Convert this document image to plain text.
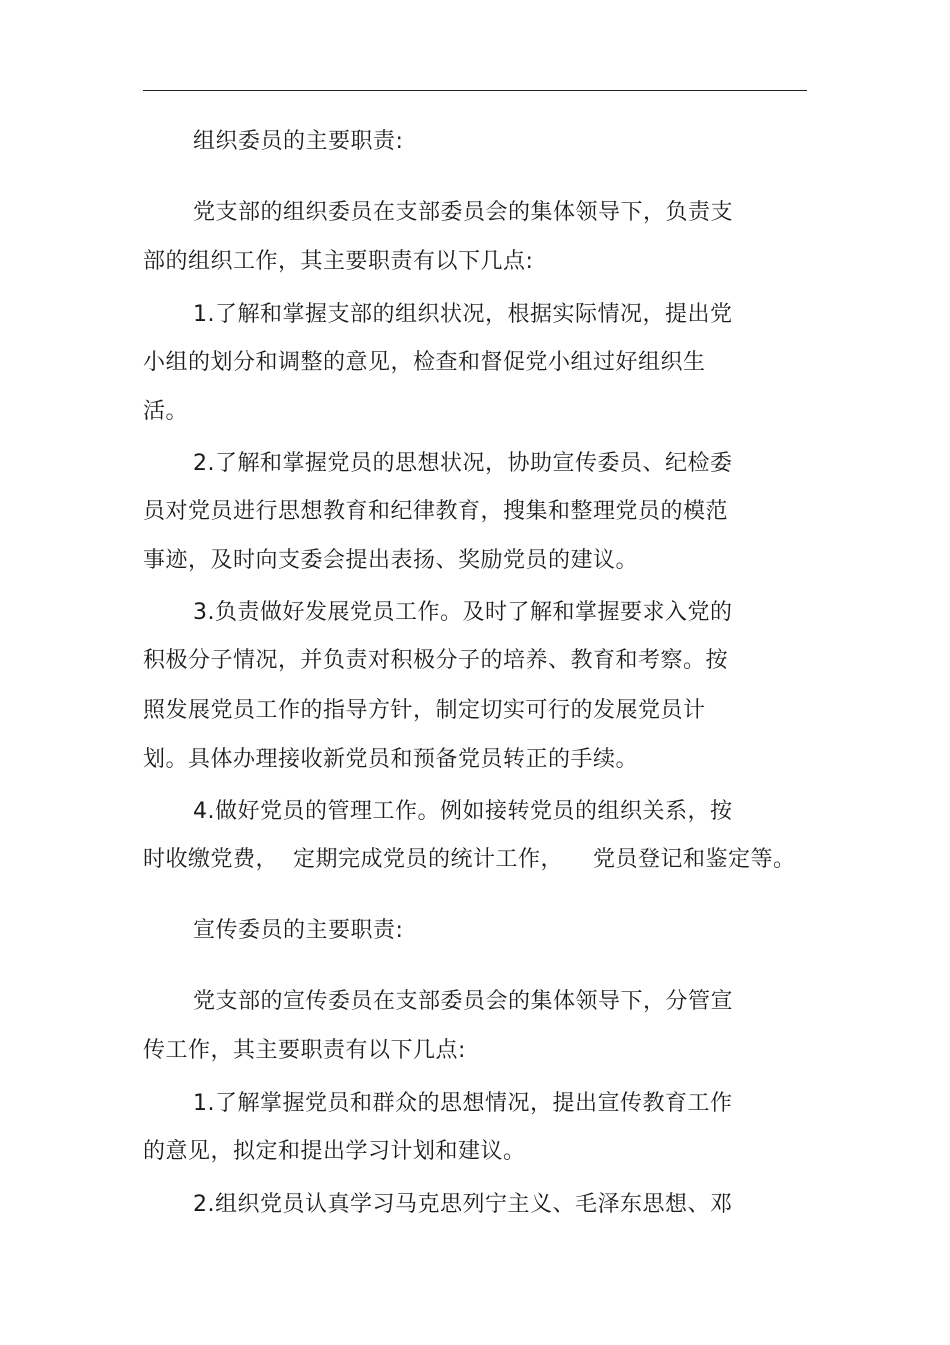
组织委员的主要职责:
党支部的组织委员在支部委员会的集体领导下，负责支
部的组织工作，其主要职责有以下几点:
1.了解和掌握支部的组织状况，根据实际情况，提出党
小组的划分和调整的意见，检查和督促党小组过好组织生
活。
2.了解和掌握党员的思想状况，协助宣传委员、纪检委
员对党员进行思想教育和纪律教育，搜集和整理党员的模范
事迹，及时向支委会提出表扬、奖励党员的建议。
3.负责做好发展党员工作。及时了解和掌握要求入党的
积极分子情况，并负责对积极分子的培养、教育和考察。按
照发展党员工作的指导方针，制定切实可行的发展党员计
划。具体办理接收新党员和预备党员转正的手续。
4.做好党员的管理工作。例如接转党员的组织关系，按
时收缴党费，  定期完成党员的统计工作，    党员登记和鉴定等。
宣传委员的主要职责:
党支部的宣传委员在支部委员会的集体领导下，分管宣
传工作，其主要职责有以下几点:
1.了解掌握党员和群众的思想情况，提出宣传教育工作
的意见，拟定和提出学习计划和建议。
2.组织党员认真学习马克思列宁主义、毛泽东思想、邓
